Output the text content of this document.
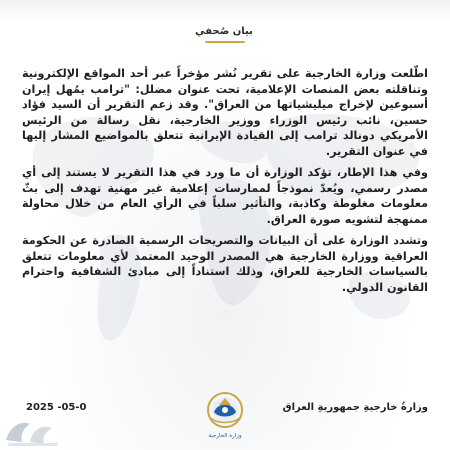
بيان صُحفي

اطّلعت وزارة الخارجية على تقرير نُشر مؤخراً عبر أحد المواقع الإلكترونية وتناقلته بعض المنصات الإعلامية، تحت عنوان مضلل: "ترامب يمُهل إيران أسبوعين لإخراج ميليشياتها من العراق". وقد زعم التقرير أن السيد فؤاد حسين، نائب رئيس الوزراء ووزير الخارجية، نقل رسالة من الرئيس الأمريكي دونالد ترامب إلى القيادة الإيرانية تتعلق بالمواضيع المشار إليها في عنوان التقرير.

وفي هذا الإطار، تؤكد الوزارة أن ما ورد في هذا التقرير لا يستند إلى أي مصدر رسمي، ويُعدّ نموذجاً لممارسات إعلامية غير مهنية تهدف إلى بثّ معلومات مغلوطة وكاذبة، والتأثير سلباً في الرأي العام من خلال محاولة ممنهجة لتشويه صورة العراق.

وتشدد الوزارة على أن البيانات والتصريحات الرسمية الصادرة عن الحكومة العراقية ووزارة الخارجية هي المصدر الوحيد المعتمد لأي معلومات تتعلق بالسياسات الخارجية للعراق، وذلك استناداً إلى مبادئ الشفافية واحترام القانون الدولي.

وزارةُ خارجيةِ جمهوريةِ العراق
2025 -05-0
وزارة الخارجية
